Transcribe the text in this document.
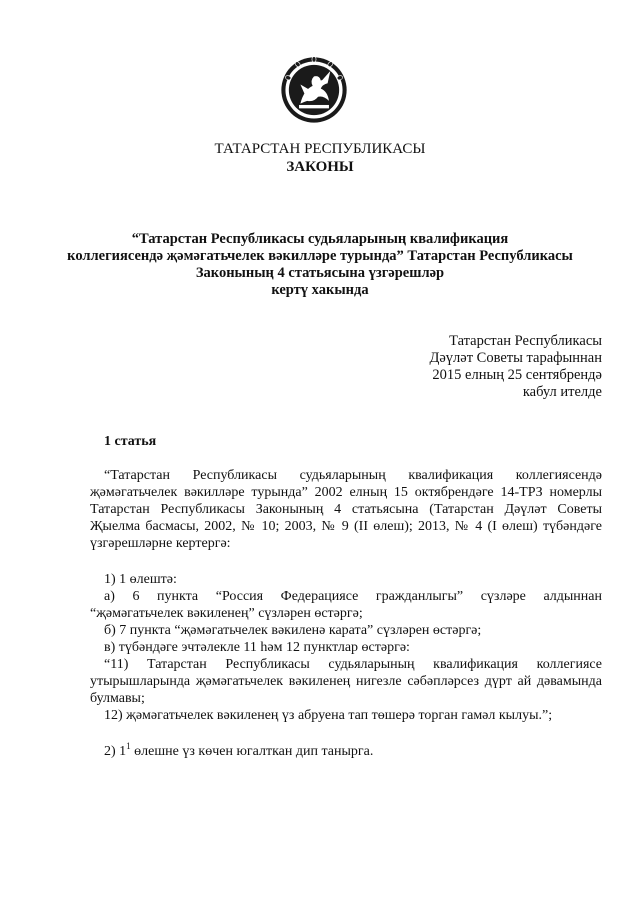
ТАТАРСТАН РЕСПУБЛИКАСЫ
ЗАКОНЫ
“Татарстан Республикасы судьяларының квалификация
коллегиясендә җәмәгатьчелек вәкилләре турында” Татарстан Республикасы
Законының 4 статьясына үзгәрешләр
кертү хакында
Татарстан Республикасы
Дәүләт Советы тарафыннан
2015 елның 25 сентябрендә
кабул ителде
1 статья
“Татарстан Республикасы судьяларының квалификация коллегиясендә
җәмәгатьчелек вәкилләре турында” 2002 елның 15 октябрендәге 14-ТРЗ номерлы
Татарстан Республикасы Законының 4 статьясына (Татарстан Дәүләт Советы
Җыелма басмасы, 2002, № 10; 2003, № 9 (II өлеш); 2013, № 4 (I өлеш) түбәндәге
үзгәрешләрне кертергә:
1) 1 өлештә:
а) 6 пункта “Россия Федерациясе гражданлыгы” сүзләре алдыннан
“җәмәгатьчелек вәкиленең” сүзләрен өстәргә;
б) 7 пункта “җәмәгатьчелек вәкиленә карата” сүзләрен өстәргә;
в) түбәндәге эчтәлекле 11 һәм 12 пунктлар өстәргә:
“11) Татарстан Республикасы судьяларының квалификация коллегиясе
утырышларында җәмәгатьчелек вәкиленең нигезле сәбәпләрсез дүрт ай дәвамында
булмавы;
12) җәмәгатьчелек вәкиленең үз абруена тап төшерә торган гамәл кылуы.”;
2) $1^1$ өлешне үз көчен югалткан дип танырга.
